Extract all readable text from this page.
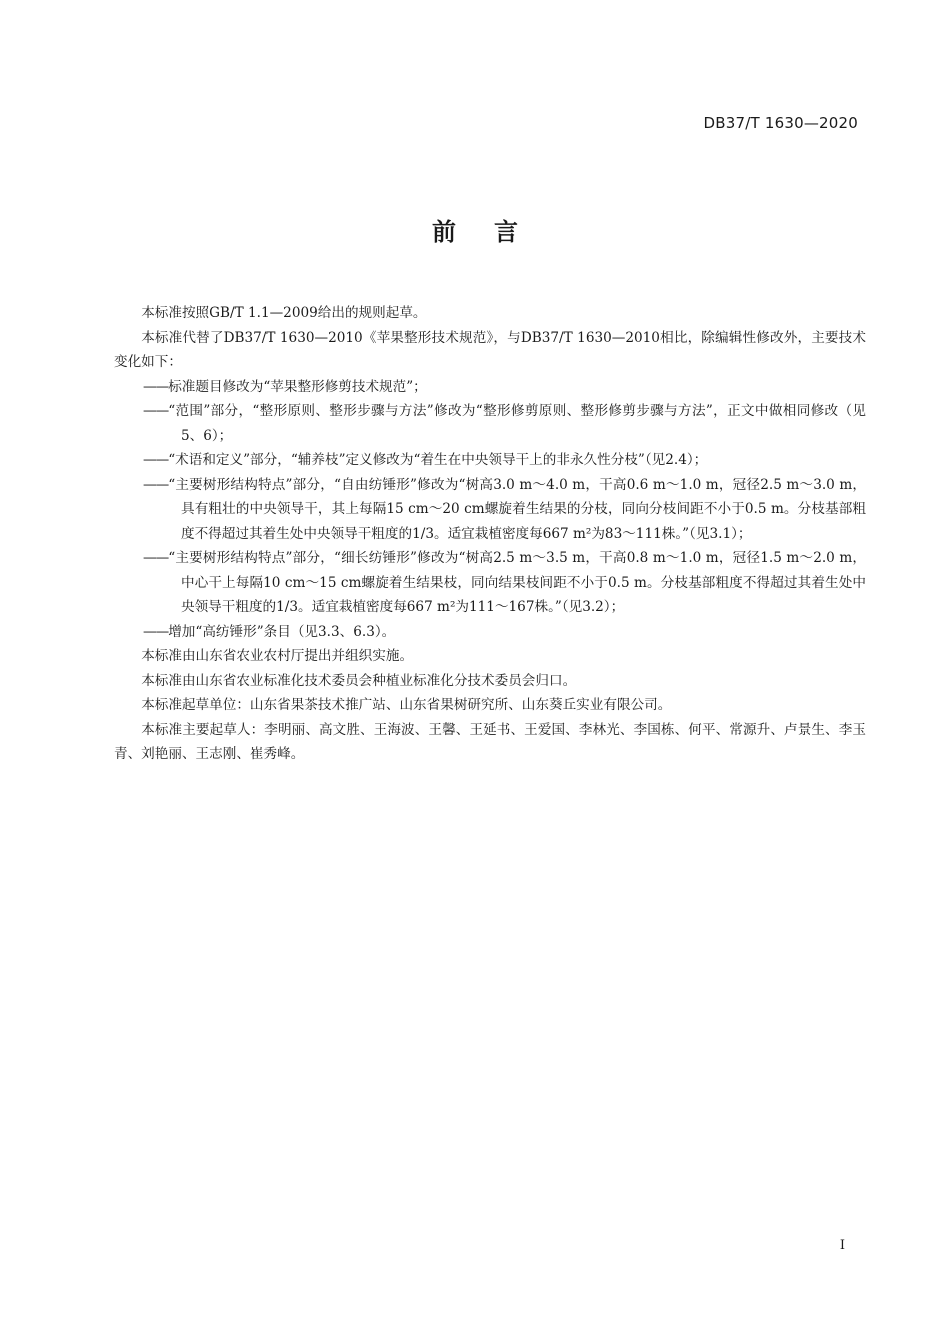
DB37/T 1630—2020
前言

本标准按照GB/T 1.1—2009给出的规则起草。

本标准代替了DB37/T 1630—2010《苹果整形技术规范》，与DB37/T 1630—2010相比，除编辑性修改外，主要技术变化如下：

——标准题目修改为“苹果整形修剪技术规范”；

——“范围”部分，“整形原则、整形步骤与方法”修改为“整形修剪原则、整形修剪步骤与方法”，正文中做相同修改（见5、6）；

——“术语和定义”部分，“辅养枝”定义修改为“着生在中央领导干上的非永久性分枝”（见2.4）；

——“主要树形结构特点”部分，“自由纺锤形”修改为“树高3.0 m～4.0 m，干高0.6 m～1.0 m，冠径2.5 m～3.0 m，具有粗壮的中央领导干，其上每隔15 cm～20 cm螺旋着生结果的分枝，同向分枝间距不小于0.5 m。分枝基部粗度不得超过其着生处中央领导干粗度的1/3。适宜栽植密度每667 m²为83～111株。”（见3.1）；

——“主要树形结构特点”部分，“细长纺锤形”修改为“树高2.5 m～3.5 m，干高0.8 m～1.0 m，冠径1.5 m～2.0 m，中心干上每隔10 cm～15 cm螺旋着生结果枝，同向结果枝间距不小于0.5 m。分枝基部粗度不得超过其着生处中央领导干粗度的1/3。适宜栽植密度每667 m²为111～167株。”（见3.2）；

——增加“高纺锤形”条目（见3.3、6.3）。

本标准由山东省农业农村厅提出并组织实施。

本标准由山东省农业标准化技术委员会种植业标准化分技术委员会归口。

本标准起草单位：山东省果茶技术推广站、山东省果树研究所、山东葵丘实业有限公司。

本标准主要起草人：李明丽、高文胜、王海波、王馨、王延书、王爱国、李林光、李国栋、何平、常源升、卢景生、李玉青、刘艳丽、王志刚、崔秀峰。

I
